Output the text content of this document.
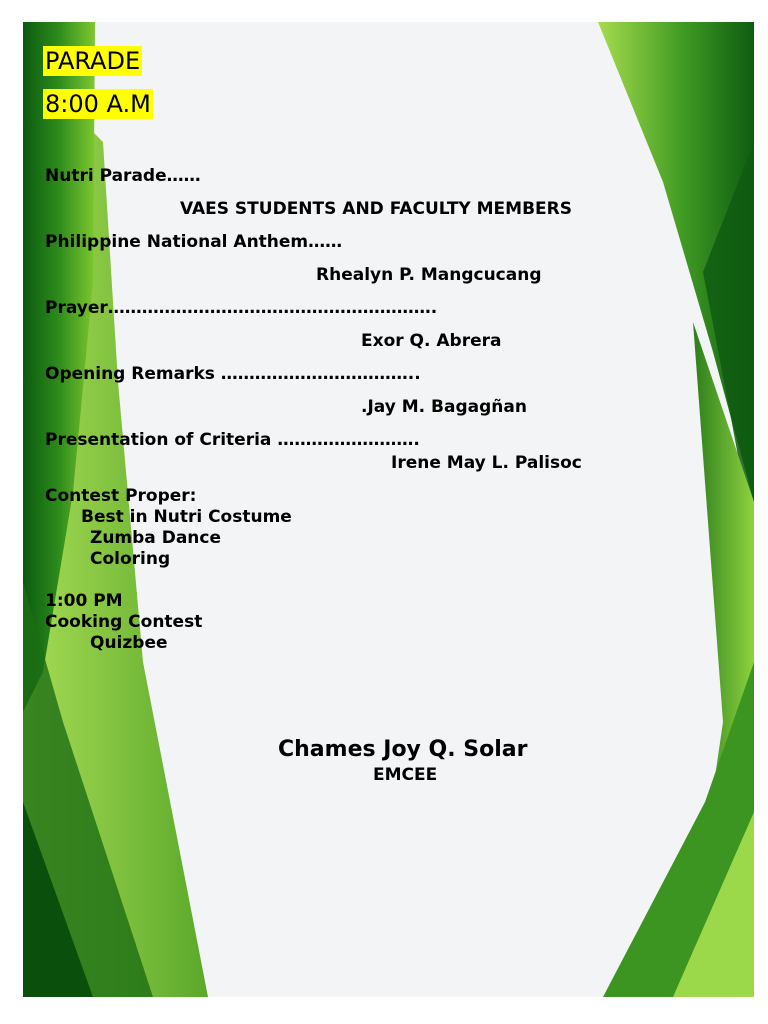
PARADE

8:00 A.M

Nutri Parade……

VAES STUDENTS AND FACULTY MEMBERS

Philippine National Anthem……

Rhealyn P. Mangcucang

Prayer………………………………………………….

Exor Q. Abrera

Opening Remarks ……………………………..

.Jay M. Bagagñan

Presentation of Criteria …………………….

Irene May L. Palisoc

Contest Proper:

Best in Nutri Costume

Zumba Dance

Coloring

1:00 PM

Cooking Contest

Quizbee

Chames Joy Q. Solar

EMCEE
